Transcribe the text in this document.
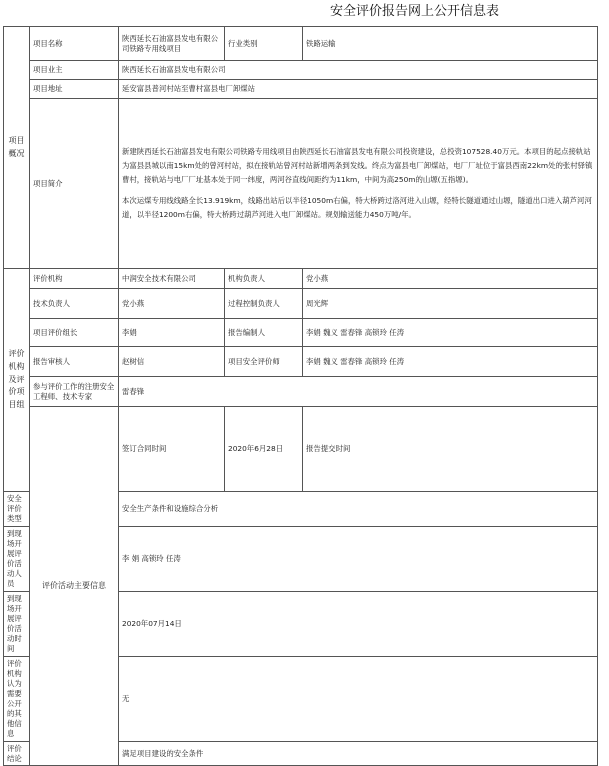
安全评价报告网上公开信息表
项目概况	项目名称	陕西延长石油富县发电有限公司铁路专用线项目	行业类别	铁路运输	
	项目业主	陕西延长石油富县发电有限公司			
	项目地址	延安富县普河村站至曹村富县电厂卸煤站			
	项目简介	新建陕西延长石油富县发电有限公司铁路专用线项目由陕西延长石油富县发电有限公司投资建设，总投资107528.40万元。本项目的起点接轨站为富县县城以南15km处的曾河村站，拟在接轨站曾河村站新增两条到发线。终点为富县电厂卸煤站，电厂厂址位于富县西南22km处的张村驿镇曹村，接轨站与电厂厂址基本处于同一纬度，两河谷直线间距约为11km，中间为高250m的山塬(五指塬)。

本次运煤专用线线路全长13.919km，线路出站后以半径1050m右偏，特大桥跨过洛河进入山塬，经特长隧道通过山塬，隧道出口进入葫芦河河道，以半径1200m右偏，特大桥跨过葫芦河进入电厂卸煤站。规划输送能力450万吨/年。			

评价机构及评价项目组	评价机构	中润安全技术有限公司	机构负责人	党小燕	
	技术负责人	党小燕	过程控制负责人	周光辉	
	项目评价组长	李娟	报告编制人	李娟 魏义 雷春锋 高锁玲 任涛	
	报告审核人	赵树信	项目安全评价师	李娟 魏义 雷春锋 高锁玲 任涛	
	参与评价工作的注册安全工程师、技术专家	雷春锋			
	评价活动主要信息	签订合同时间	2020年6月28日	报告提交时间	
安全评价类型		安全生产条件和设施综合分析			
到现场开展评价活动人员		李 娟 高锁玲 任涛			
到现场开展评价活动时间		2020年07月14日			
评价机构认为需要公开的其他信息		无			
评价结论		满足项目建设的安全条件			
